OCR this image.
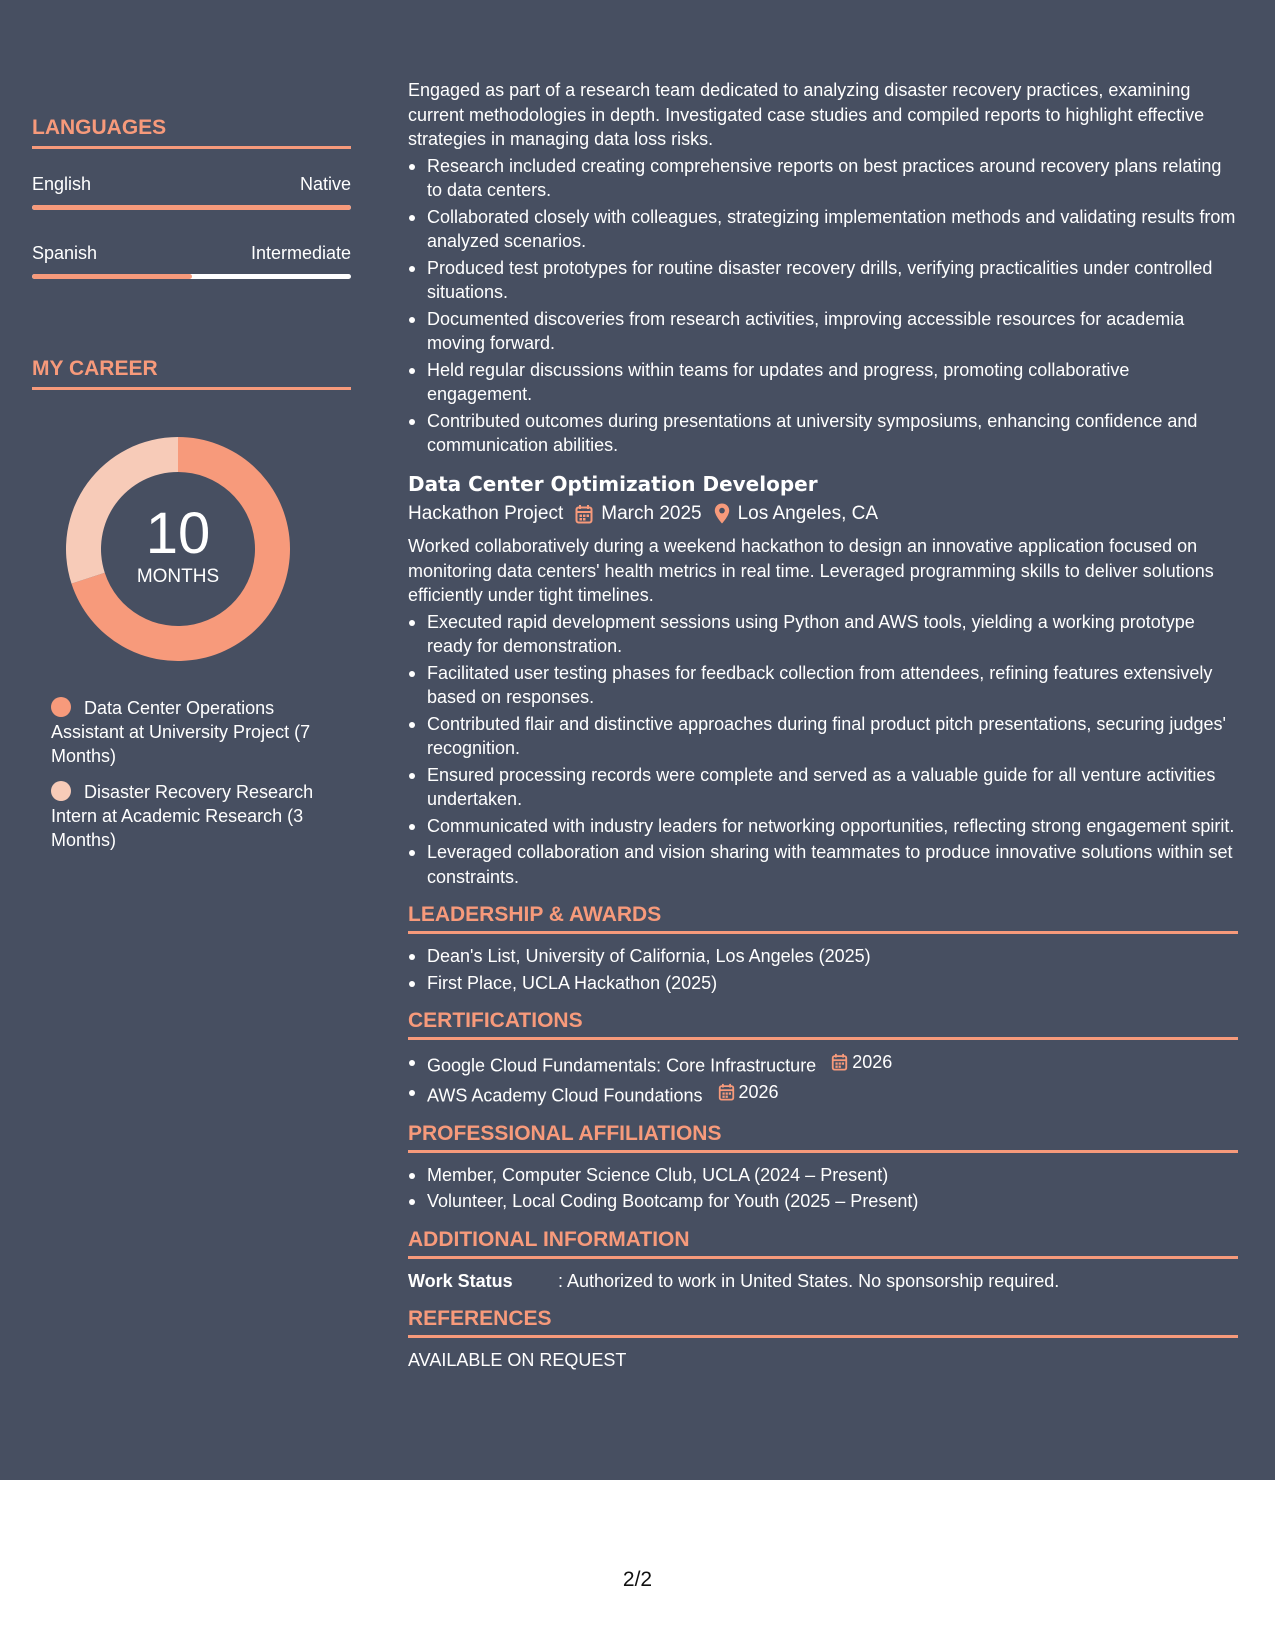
LANGUAGES
English	Native
Spanish	Intermediate
MY CAREER
10
MONTHS
Data Center Operations Assistant at University Project (7 Months)
Disaster Recovery Research Intern at Academic Research (3 Months)

Engaged as part of a research team dedicated to analyzing disaster recovery practices, examining current methodologies in depth. Investigated case studies and compiled reports to highlight effective strategies in managing data loss risks.

Research included creating comprehensive reports on best practices around recovery plans relating to data centers.
Collaborated closely with colleagues, strategizing implementation methods and validating results from analyzed scenarios.
Produced test prototypes for routine disaster recovery drills, verifying practicalities under controlled situations.
Documented discoveries from research activities, improving accessible resources for academia moving forward.
Held regular discussions within teams for updates and progress, promoting collaborative engagement.
Contributed outcomes during presentations at university symposiums, enhancing confidence and communication abilities.
Data Center Optimization Developer
Hackathon Project March 2025 Los Angeles, CA

Worked collaboratively during a weekend hackathon to design an innovative application focused on monitoring data centers' health metrics in real time. Leveraged programming skills to deliver solutions efficiently under tight timelines.

Executed rapid development sessions using Python and AWS tools, yielding a working prototype ready for demonstration.
Facilitated user testing phases for feedback collection from attendees, refining features extensively based on responses.
Contributed flair and distinctive approaches during final product pitch presentations, securing judges' recognition.
Ensured processing records were complete and served as a valuable guide for all venture activities undertaken.
Communicated with industry leaders for networking opportunities, reflecting strong engagement spirit.
Leveraged collaboration and vision sharing with teammates to produce innovative solutions within set constraints.
LEADERSHIP & AWARDS
Dean's List, University of California, Los Angeles (2025)
First Place, UCLA Hackathon (2025)
CERTIFICATIONS
Google Cloud Fundamentals: Core Infrastructure 2026
AWS Academy Cloud Foundations 2026
PROFESSIONAL AFFILIATIONS
Member, Computer Science Club, UCLA (2024 – Present)
Volunteer, Local Coding Bootcamp for Youth (2025 – Present)
ADDITIONAL INFORMATION
Work Status	: Authorized to work in United States. No sponsorship required.
REFERENCES
AVAILABLE ON REQUEST
2/2
